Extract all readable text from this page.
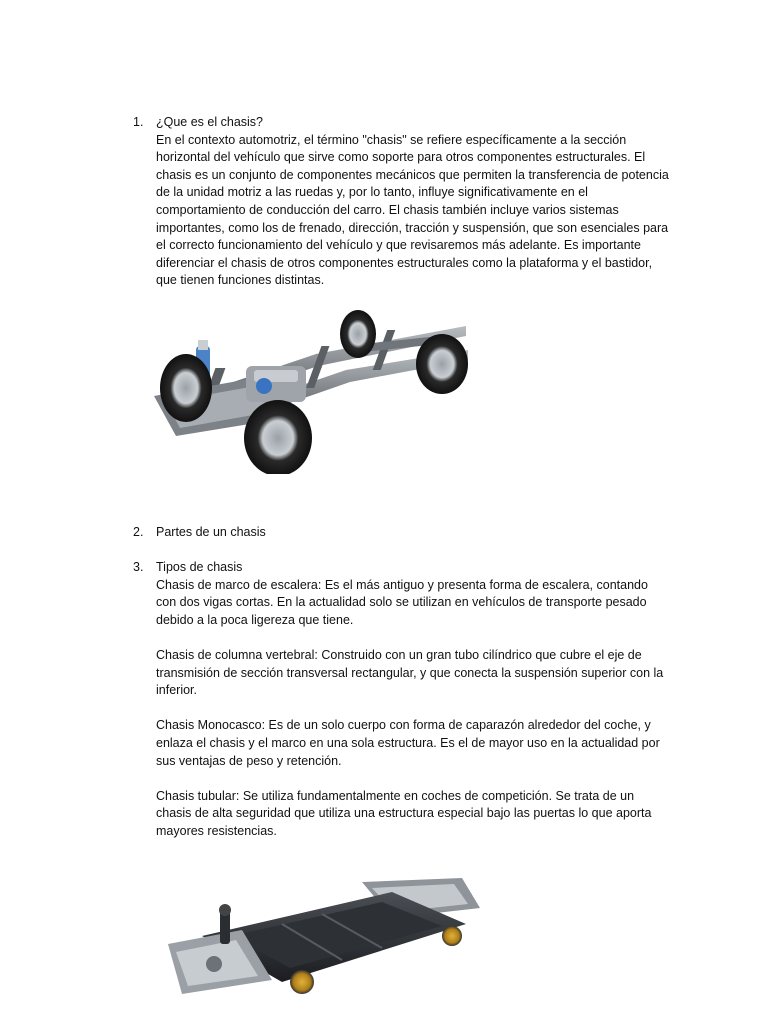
1. ¿Que es el chasis?

En el contexto automotriz, el término "chasis" se refiere específicamente a la sección horizontal del vehículo que sirve como soporte para otros componentes estructurales. El chasis es un conjunto de componentes mecánicos que permiten la transferencia de potencia de la unidad motriz a las ruedas y, por lo tanto, influye significativamente en el comportamiento de conducción del carro. El chasis también incluye varios sistemas importantes, como los de frenado, dirección, tracción y suspensión, que son esenciales para el correcto funcionamiento del vehículo y que revisaremos más adelante. Es importante diferenciar el chasis de otros componentes estructurales como la plataforma y el bastidor, que tienen funciones distintas.

2. Partes de un chasis
3. Tipos de chasis

Chasis de marco de escalera: Es el más antiguo y presenta forma de escalera, contando con dos vigas cortas. En la actualidad solo se utilizan en vehículos de transporte pesado debido a la poca ligereza que tiene.

Chasis de columna vertebral: Construido con un gran tubo cilíndrico que cubre el eje de transmisión de sección transversal rectangular, y que conecta la suspensión superior con la inferior.

Chasis Monocasco: Es de un solo cuerpo con forma de caparazón alrededor del coche, y enlaza el chasis y el marco en una sola estructura. Es el de mayor uso en la actualidad por sus ventajas de peso y retención.

Chasis tubular: Se utiliza fundamentalmente en coches de competición. Se trata de un chasis de alta seguridad que utiliza una estructura especial bajo las puertas lo que aporta mayores resistencias.
